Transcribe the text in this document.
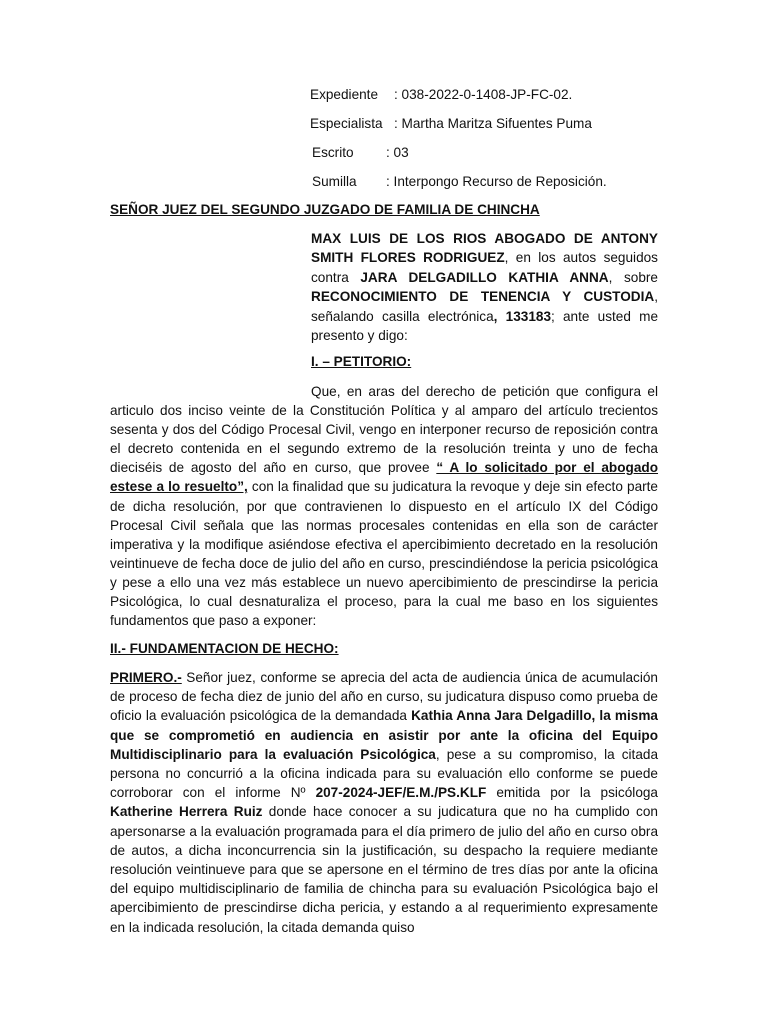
Expediente : 038-2022-0-1408-JP-FC-02.
Especialista : Martha Maritza Sifuentes Puma
Escrito : 03
Sumilla : Interpongo Recurso de Reposición.
SEÑOR JUEZ DEL SEGUNDO JUZGADO DE FAMILIA DE CHINCHA
MAX LUIS DE LOS RIOS ABOGADO DE ANTONY SMITH FLORES RODRIGUEZ, en los autos seguidos contra JARA DELGADILLO KATHIA ANNA, sobre RECONOCIMIENTO DE TENENCIA Y CUSTODIA, señalando casilla electrónica, 133183; ante usted me presento y digo:
I. – PETITORIO:
Que, en aras del derecho de petición que configura el articulo dos inciso veinte de la Constitución Política y al amparo del artículo trecientos sesenta y dos del Código Procesal Civil, vengo en interponer recurso de reposición contra el decreto contenida en el segundo extremo de la resolución treinta y uno de fecha dieciséis de agosto del año en curso, que provee “ A lo solicitado por el abogado estese a lo resuelto”, con la finalidad que su judicatura la revoque y deje sin efecto parte de dicha resolución, por que contravienen lo dispuesto en el artículo IX del Código Procesal Civil señala que las normas procesales contenidas en ella son de carácter imperativa y la modifique asiéndose efectiva el apercibimiento decretado en la resolución veintinueve de fecha doce de julio del año en curso, prescindiéndose la pericia psicológica y pese a ello una vez más establece un nuevo apercibimiento de prescindirse la pericia Psicológica, lo cual desnaturaliza el proceso, para la cual me baso en los siguientes fundamentos que paso a exponer:
II.- FUNDAMENTACION DE HECHO:
PRIMERO.- Señor juez, conforme se aprecia del acta de audiencia única de acumulación de proceso de fecha diez de junio del año en curso, su judicatura dispuso como prueba de oficio la evaluación psicológica de la demandada Kathia Anna Jara Delgadillo, la misma que se comprometió en audiencia en asistir por ante la oficina del Equipo Multidisciplinario para la evaluación Psicológica, pese a su compromiso, la citada persona no concurrió a la oficina indicada para su evaluación ello conforme se puede corroborar con el informe Nº 207-2024-JEF/E.M./PS.KLF emitida por la psicóloga Katherine Herrera Ruiz donde hace conocer a su judicatura que no ha cumplido con apersonarse a la evaluación programada para el día primero de julio del año en curso obra de autos, a dicha inconcurrencia sin la justificación, su despacho la requiere mediante resolución veintinueve para que se apersone en el término de tres días por ante la oficina del equipo multidisciplinario de familia de chincha para su evaluación Psicológica bajo el apercibimiento de prescindirse dicha pericia, y estando a al requerimiento expresamente en la indicada resolución, la citada demanda quiso
